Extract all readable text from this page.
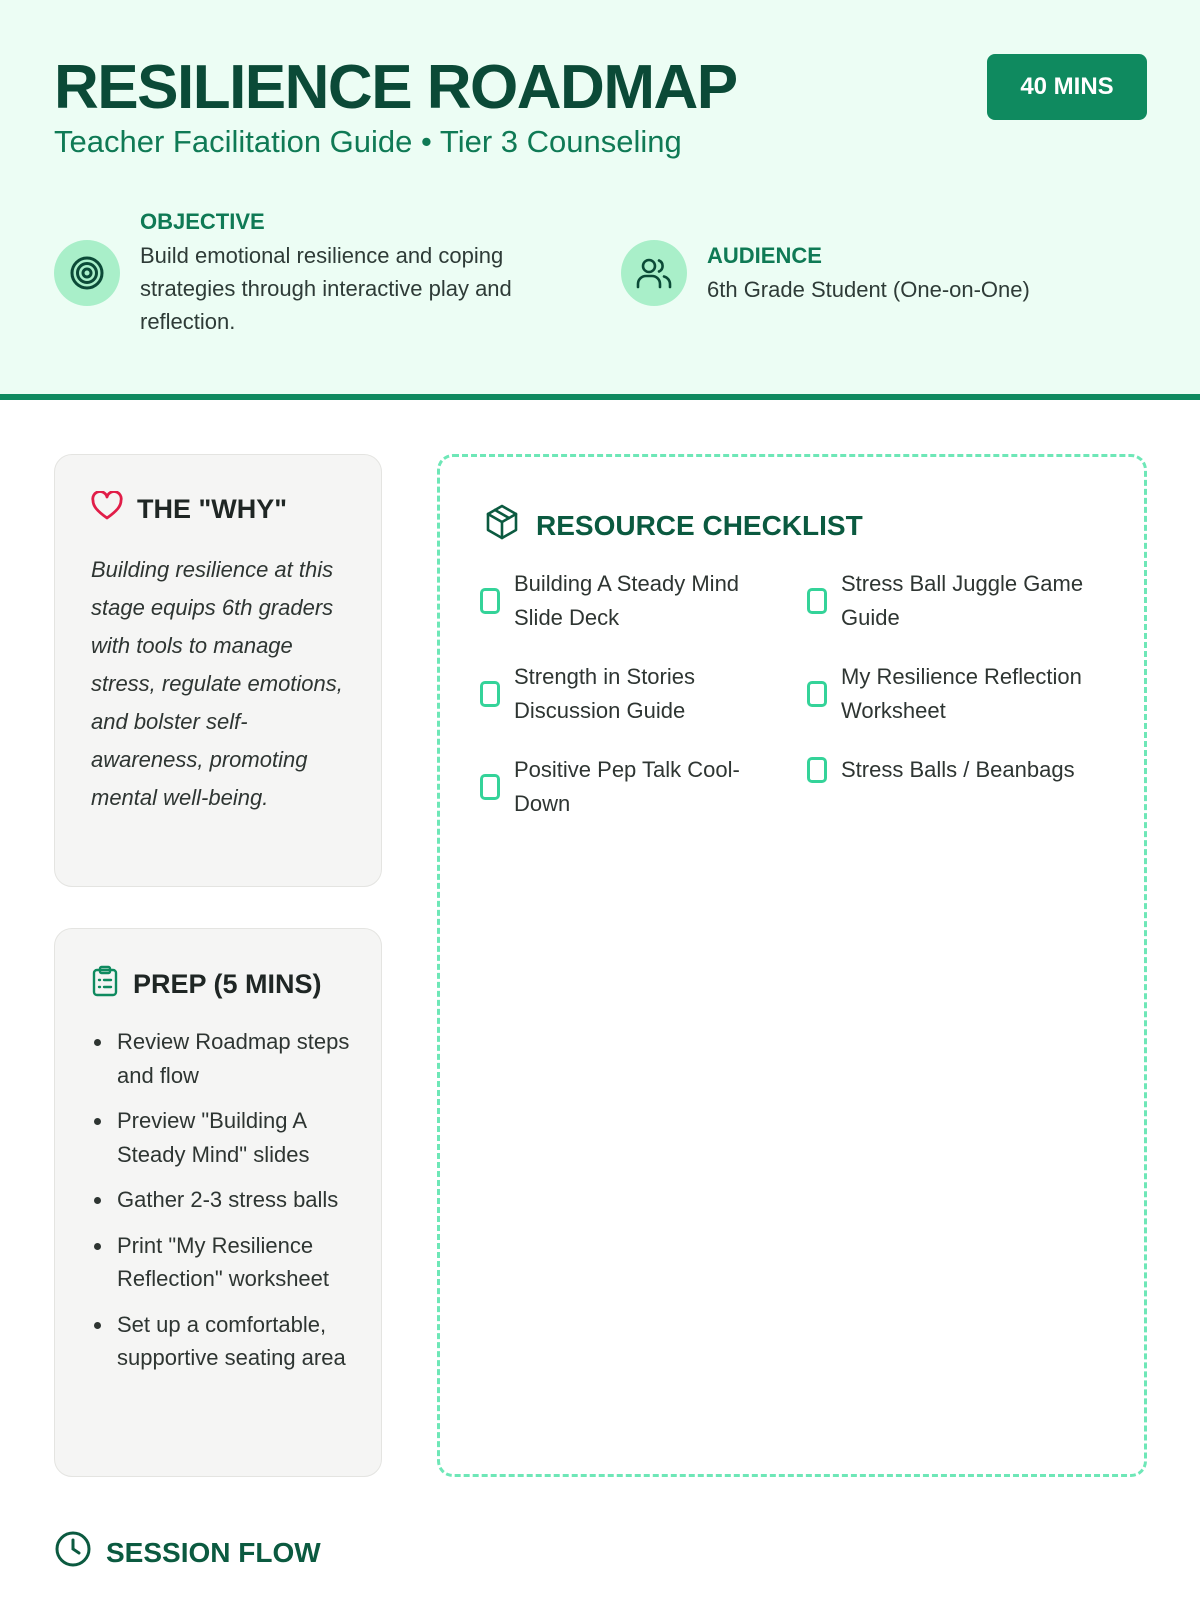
RESILIENCE ROADMAP
Teacher Facilitation Guide • Tier 3 Counseling
40 MINS
OBJECTIVE
Build emotional resilience and coping strategies through interactive play and reflection.
AUDIENCE
6th Grade Student (One-on-One)
THE "WHY"
Building resilience at this stage equips 6th graders with tools to manage stress, regulate emotions, and bolster self-awareness, promoting mental well-being.
PREP (5 MINS)
Review Roadmap steps and flow
Preview "Building A Steady Mind" slides
Gather 2-3 stress balls
Print "My Resilience Reflection" worksheet
Set up a comfortable, supportive seating area
RESOURCE CHECKLIST
Building A Steady Mind Slide Deck
Stress Ball Juggle Game Guide
Strength in Stories Discussion Guide
My Resilience Reflection Worksheet
Positive Pep Talk Cool-Down
Stress Balls / Beanbags
SESSION FLOW
